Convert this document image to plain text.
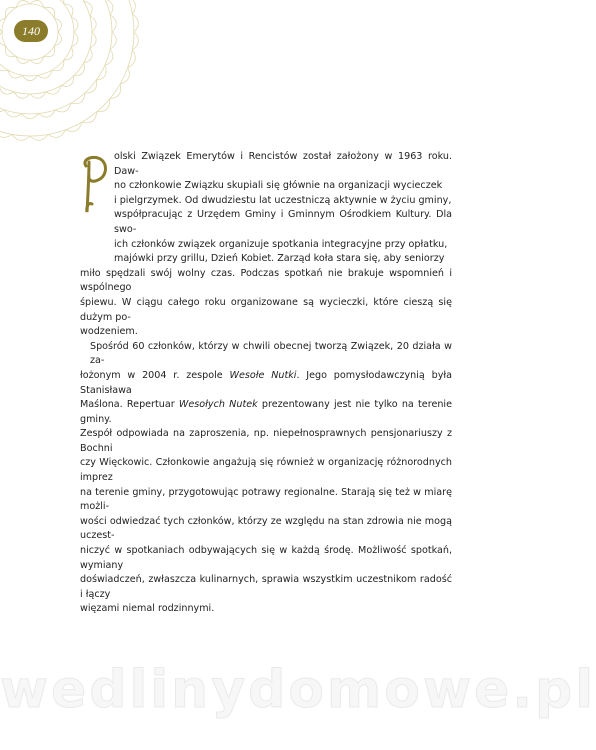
140
olski Związek Emerytów i Rencistów został założony w 1963 roku. Daw-
no członkowie Związku skupiali się głównie na organizacji wycieczek
i pielgrzymek. Od dwudziestu lat uczestniczą aktywnie w życiu gminy,
współpracując z Urzędem Gminy i Gminnym Ośrodkiem Kultury. Dla swo-
ich członków związek organizuje spotkania integracyjne przy opłatku,
majówki przy grillu, Dzień Kobiet. Zarząd koła stara się, aby seniorzy
miło spędzali swój wolny czas. Podczas spotkań nie brakuje wspomnień i wspólnego
śpiewu. W ciągu całego roku organizowane są wycieczki, które cieszą się dużym po-
wodzeniem.
Spośród 60 członków, którzy w chwili obecnej tworzą Związek, 20 działa w za-
łożonym w 2004 r. zespole Wesołe Nutki. Jego pomysłodawczynią była Stanisława
Maślona. Repertuar Wesołych Nutek prezentowany jest nie tylko na terenie gminy.
Zespół odpowiada na zaproszenia, np. niepełnosprawnych pensjonariuszy z Bochni
czy Więckowic. Członkowie angażują się również w organizację różnorodnych imprez
na terenie gminy, przygotowując potrawy regionalne. Starają się też w miarę możli-
wości odwiedzać tych członków, którzy ze względu na stan zdrowia nie mogą uczest-
niczyć w spotkaniach odbywających się w każdą środę. Możliwość spotkań, wymiany
doświadczeń, zwłaszcza kulinarnych, sprawia wszystkim uczestnikom radość i łączy
więzami niemal rodzinnymi.
wedlinydomowe.pl
